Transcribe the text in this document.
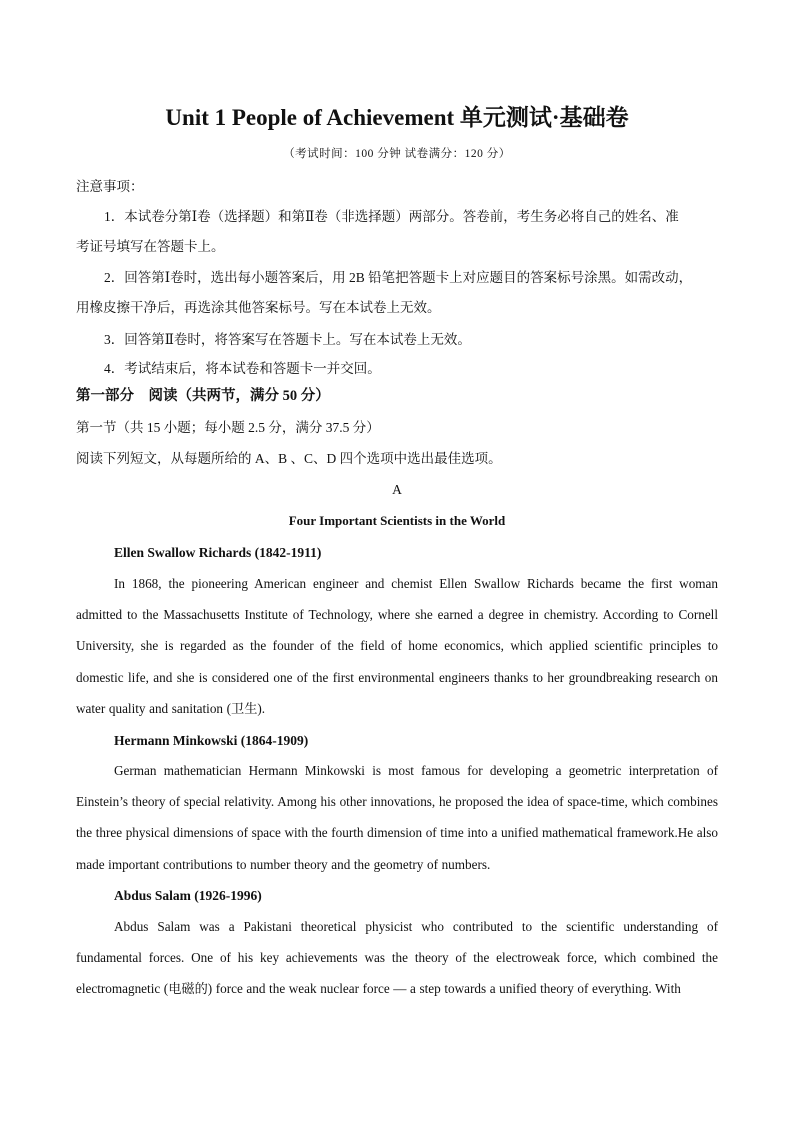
Unit 1 People of Achievement 单元测试·基础卷
（考试时间：100 分钟 试卷满分：120 分）
注意事项：
1．本试卷分第Ⅰ卷（选择题）和第Ⅱ卷（非选择题）两部分。答卷前，考生务必将自己的姓名、准
考证号填写在答题卡上。
2．回答第Ⅰ卷时，选出每小题答案后，用 2B 铅笔把答题卡上对应题目的答案标号涂黑。如需改动，
用橡皮擦干净后，再选涂其他答案标号。写在本试卷上无效。
3．回答第Ⅱ卷时，将答案写在答题卡上。写在本试卷上无效。
4．考试结束后，将本试卷和答题卡一并交回。
第一部分　阅读（共两节，满分 50 分）
第一节（共 15 小题；每小题 2.5 分，满分 37.5 分）
阅读下列短文，从每题所给的 A、B 、C、D 四个选项中选出最佳选项。
A
Four Important Scientists in the World
Ellen Swallow Richards (1842-1911)
In 1868, the pioneering American engineer and chemist Ellen Swallow Richards became the first woman admitted to the Massachusetts Institute of Technology, where she earned a degree in chemistry. According to Cornell University, she is regarded as the founder of the field of home economics, which applied scientific principles to domestic life, and she is considered one of the first environmental engineers thanks to her groundbreaking research on water quality and sanitation (卫生).
Hermann Minkowski (1864-1909)
German mathematician Hermann Minkowski is most famous for developing a geometric interpretation of Einstein’s theory of special relativity. Among his other innovations, he proposed the idea of space-time, which combines the three physical dimensions of space with the fourth dimension of time into a unified mathematical framework.He also made important contributions to number theory and the geometry of numbers.
Abdus Salam (1926-1996)
Abdus Salam was a Pakistani theoretical physicist who contributed to the scientific understanding of fundamental forces. One of his key achievements was the theory of the electroweak force, which combined the electromagnetic (电磁的) force and the weak nuclear force — a step towards a unified theory of everything. With
